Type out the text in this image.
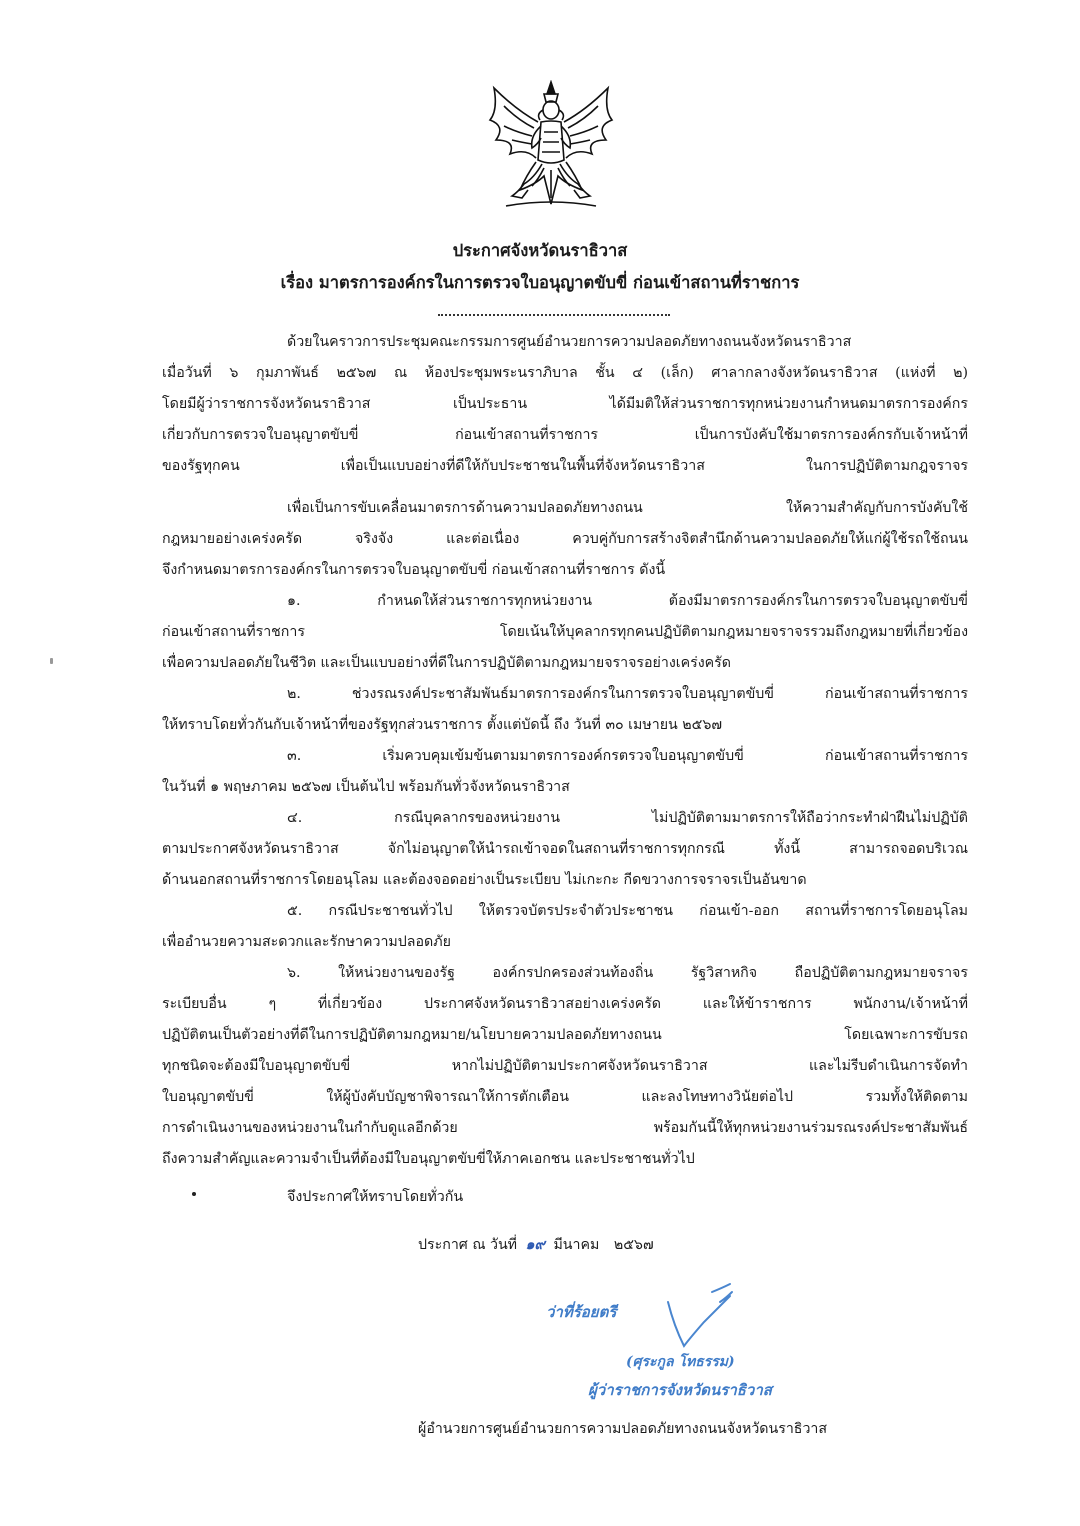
ประกาศจังหวัดนราธิวาส
เรื่อง มาตรการองค์กรในการตรวจใบอนุญาตขับขี่ ก่อนเข้าสถานที่ราชการ
ด้วยในคราวการประชุมคณะกรรมการศูนย์อำนวยการความปลอดภัยทางถนนจังหวัดนราธิวาส
เมื่อวันที่ ๖ กุมภาพันธ์ ๒๕๖๗ ณ ห้องประชุมพระนราภิบาล ชั้น ๔ (เล็ก) ศาลากลางจังหวัดนราธิวาส (แห่งที่ ๒)
โดยมีผู้ว่าราชการจังหวัดนราธิวาส เป็นประธาน ได้มีมติให้ส่วนราชการทุกหน่วยงานกำหนดมาตรการองค์กร
เกี่ยวกับการตรวจใบอนุญาตขับขี่ ก่อนเข้าสถานที่ราชการ เป็นการบังคับใช้มาตรการองค์กรกับเจ้าหน้าที่
ของรัฐทุกคน เพื่อเป็นแบบอย่างที่ดีให้กับประชาชนในพื้นที่จังหวัดนราธิวาส ในการปฏิบัติตามกฎจราจร
เพื่อเป็นการขับเคลื่อนมาตรการด้านความปลอดภัยทางถนน ให้ความสำคัญกับการบังคับใช้
กฎหมายอย่างเคร่งครัด จริงจัง และต่อเนื่อง ควบคู่กับการสร้างจิตสำนึกด้านความปลอดภัยให้แก่ผู้ใช้รถใช้ถนน
จึงกำหนดมาตรการองค์กรในการตรวจใบอนุญาตขับขี่ ก่อนเข้าสถานที่ราชการ ดังนี้
๑. กำหนดให้ส่วนราชการทุกหน่วยงาน ต้องมีมาตรการองค์กรในการตรวจใบอนุญาตขับขี่
ก่อนเข้าสถานที่ราชการ โดยเน้นให้บุคลากรทุกคนปฏิบัติตามกฎหมายจราจรรวมถึงกฎหมายที่เกี่ยวข้อง
เพื่อความปลอดภัยในชีวิต และเป็นแบบอย่างที่ดีในการปฏิบัติตามกฎหมายจราจรอย่างเคร่งครัด
๒. ช่วงรณรงค์ประชาสัมพันธ์มาตรการองค์กรในการตรวจใบอนุญาตขับขี่ ก่อนเข้าสถานที่ราชการ
ให้ทราบโดยทั่วกันกับเจ้าหน้าที่ของรัฐทุกส่วนราชการ ตั้งแต่บัดนี้ ถึง วันที่ ๓๐ เมษายน ๒๕๖๗
๓. เริ่มควบคุมเข้มข้นตามมาตรการองค์กรตรวจใบอนุญาตขับขี่ ก่อนเข้าสถานที่ราชการ
ในวันที่ ๑ พฤษภาคม ๒๕๖๗ เป็นต้นไป พร้อมกันทั่วจังหวัดนราธิวาส
๔. กรณีบุคลากรของหน่วยงาน ไม่ปฏิบัติตามมาตรการให้ถือว่ากระทำฝ่าฝืนไม่ปฏิบัติ
ตามประกาศจังหวัดนราธิวาส จักไม่อนุญาตให้นำรถเข้าจอดในสถานที่ราชการทุกกรณี ทั้งนี้ สามารถจอดบริเวณ
ด้านนอกสถานที่ราชการโดยอนุโลม และต้องจอดอย่างเป็นระเบียบ ไม่เกะกะ กีดขวางการจราจรเป็นอันขาด
๕. กรณีประชาชนทั่วไป ให้ตรวจบัตรประจำตัวประชาชน ก่อนเข้า-ออก สถานที่ราชการโดยอนุโลม
เพื่ออำนวยความสะดวกและรักษาความปลอดภัย
๖. ให้หน่วยงานของรัฐ องค์กรปกครองส่วนท้องถิ่น รัฐวิสาหกิจ ถือปฏิบัติตามกฎหมายจราจร
ระเบียบอื่น ๆ ที่เกี่ยวข้อง ประกาศจังหวัดนราธิวาสอย่างเคร่งครัด และให้ข้าราชการ พนักงาน/เจ้าหน้าที่
ปฏิบัติตนเป็นตัวอย่างที่ดีในการปฏิบัติตามกฎหมาย/นโยบายความปลอดภัยทางถนน โดยเฉพาะการขับรถ
ทุกชนิดจะต้องมีใบอนุญาตขับขี่ หากไม่ปฏิบัติตามประกาศจังหวัดนราธิวาส และไม่รีบดำเนินการจัดทำ
ใบอนุญาตขับขี่ ให้ผู้บังคับบัญชาพิจารณาให้การตักเตือน และลงโทษทางวินัยต่อไป รวมทั้งให้ติดตาม
การดำเนินงานของหน่วยงานในกำกับดูแลอีกด้วย พร้อมกันนี้ให้ทุกหน่วยงานร่วมรณรงค์ประชาสัมพันธ์
ถึงความสำคัญและความจำเป็นที่ต้องมีใบอนุญาตขับขี่ให้ภาคเอกชน และประชาชนทั่วไป
จึงประกาศให้ทราบโดยทั่วกัน
ประกาศ ณ วันที่ ๑๙ มีนาคม ๒๕๖๗
ว่าที่ร้อยตรี
(ศุระกูล โทธรรม)
ผู้ว่าราชการจังหวัดนราธิวาส
ผู้อำนวยการศูนย์อำนวยการความปลอดภัยทางถนนจังหวัดนราธิวาส
